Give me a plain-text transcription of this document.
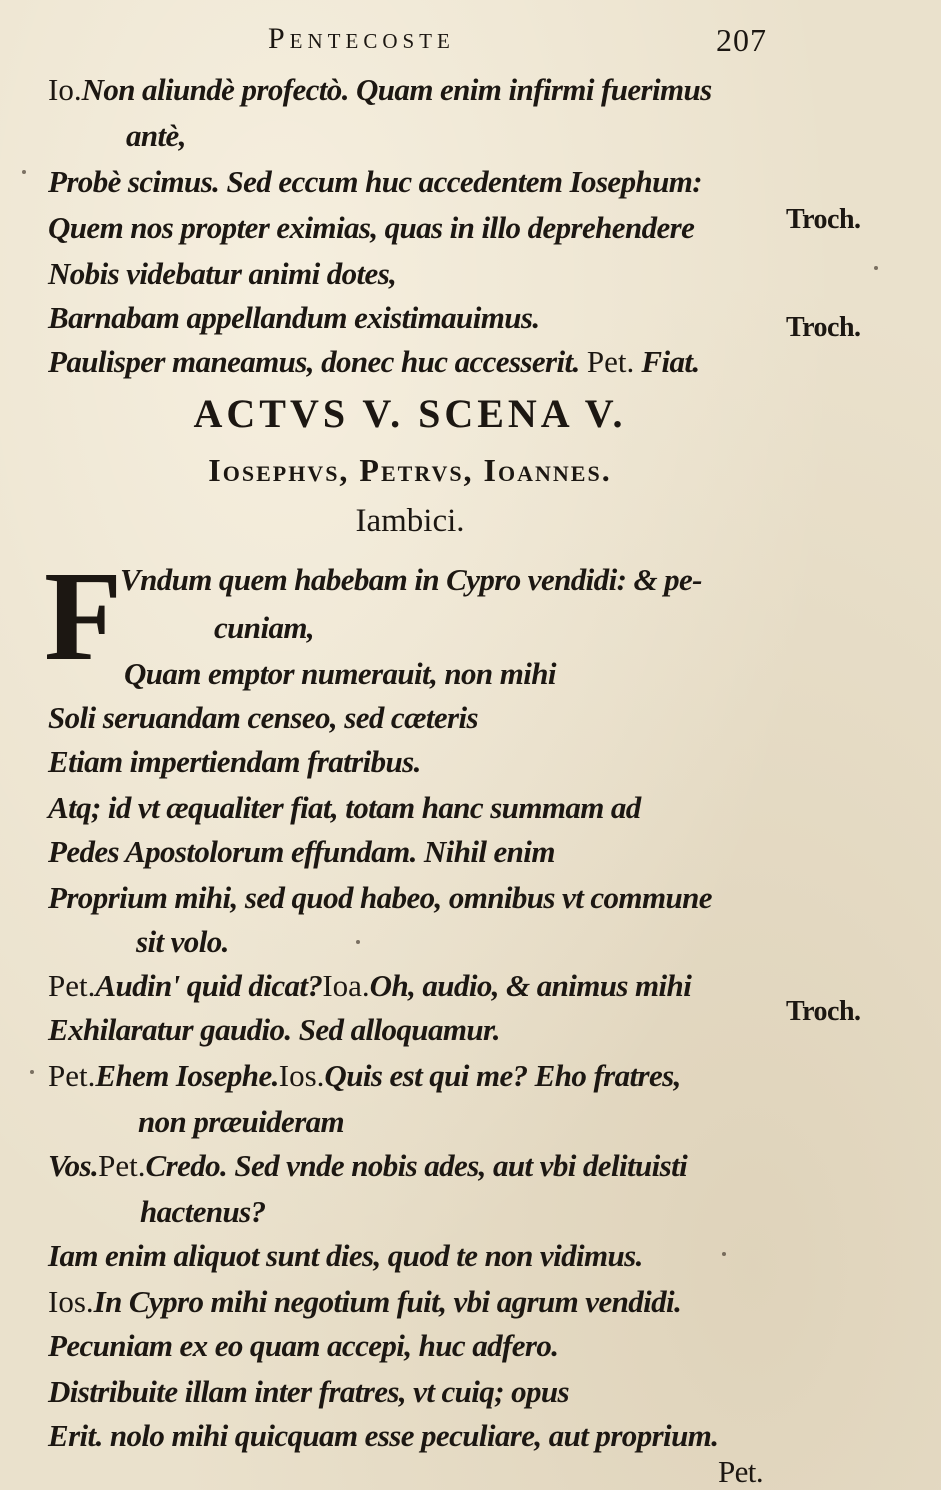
Pentecoste	207
Io.Non aliundè profectò. Quam enim infirmi fuerimus
antè,
Probè scimus. Sed eccum huc accedentem Iosephum:
Quem nos propter eximias, quas in illo deprehendere	Troch.
Nobis videbatur animi dotes,
Barnabam appellandum existimauimus.	Troch.
Paulisper maneamus, donec huc accesserit. Pet. Fiat.
ACTVS V. SCENA V.
Iosephvs, Petrvs, Ioannes.
Iambici.
F
Vndum quem habebam in Cypro vendidi: & pe-
cuniam,
Quam emptor numerauit, non mihi
Soli seruandam censeo, sed cæteris
Etiam impertiendam fratribus.
Atq; id vt æqualiter fiat, totam hanc summam ad
Pedes Apostolorum effundam. Nihil enim
Proprium mihi, sed quod habeo, omnibus vt commune
sit volo.
Pet.Audin' quid dicat?Ioa.Oh, audio, & animus mihi
Troch.
Exhilaratur gaudio. Sed alloquamur.
Pet.Ehem Iosephe.Ios.Quis est qui me? Eho fratres,
non præuideram
Vos.Pet.Credo. Sed vnde nobis ades, aut vbi delituisti
hactenus?
Iam enim aliquot sunt dies, quod te non vidimus.
Ios.In Cypro mihi negotium fuit, vbi agrum vendidi.
Pecuniam ex eo quam accepi, huc adfero.
Distribuite illam inter fratres, vt cuiq; opus
Erit. nolo mihi quicquam esse peculiare, aut proprium.
Pet.
